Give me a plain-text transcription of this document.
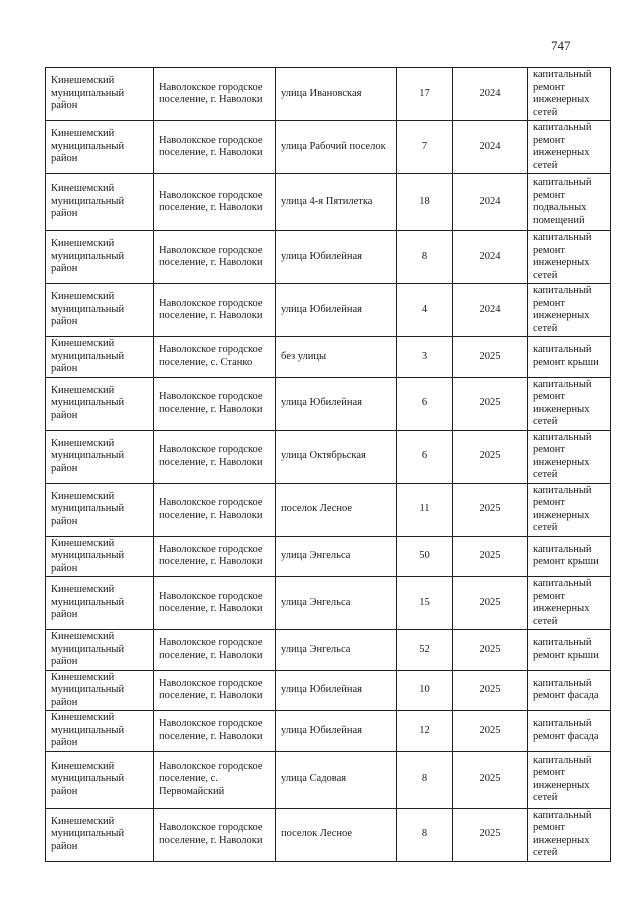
747
Кинешемский муниципальный район	Наволокское городское поселение, г. Наволоки	улица Ивановская	17	2024	капитальный ремонт инженерных сетей
Кинешемский муниципальный район	Наволокское городское поселение, г. Наволоки	улица Рабочий поселок	7	2024	капитальный ремонт инженерных сетей
Кинешемский муниципальный район	Наволокское городское поселение, г. Наволоки	улица 4-я Пятилетка	18	2024	капитальный ремонт подвальных помещений
Кинешемский муниципальный район	Наволокское городское поселение, г. Наволоки	улица Юбилейная	8	2024	капитальный ремонт инженерных сетей
Кинешемский муниципальный район	Наволокское городское поселение, г. Наволоки	улица Юбилейная	4	2024	капитальный ремонт инженерных сетей
Кинешемский муниципальный район	Наволокское городское поселение, с. Станко	без улицы	3	2025	капитальный ремонт крыши
Кинешемский муниципальный район	Наволокское городское поселение, г. Наволоки	улица Юбилейная	6	2025	капитальный ремонт инженерных сетей
Кинешемский муниципальный район	Наволокское городское поселение, г. Наволоки	улица Октябрьская	6	2025	капитальный ремонт инженерных сетей
Кинешемский муниципальный район	Наволокское городское поселение, г. Наволоки	поселок Лесное	11	2025	капитальный ремонт инженерных сетей
Кинешемский муниципальный район	Наволокское городское поселение, г. Наволоки	улица Энгельса	50	2025	капитальный ремонт крыши
Кинешемский муниципальный район	Наволокское городское поселение, г. Наволоки	улица Энгельса	15	2025	капитальный ремонт инженерных сетей
Кинешемский муниципальный район	Наволокское городское поселение, г. Наволоки	улица Энгельса	52	2025	капитальный ремонт крыши
Кинешемский муниципальный район	Наволокское городское поселение, г. Наволоки	улица Юбилейная	10	2025	капитальный ремонт фасада
Кинешемский муниципальный район	Наволокское городское поселение, г. Наволоки	улица Юбилейная	12	2025	капитальный ремонт фасада
Кинешемский муниципальный район	Наволокское городское поселение, с. Первомайский	улица Садовая	8	2025	капитальный ремонт инженерных сетей
Кинешемский муниципальный район	Наволокское городское поселение, г. Наволоки	поселок Лесное	8	2025	капитальный ремонт инженерных сетей
